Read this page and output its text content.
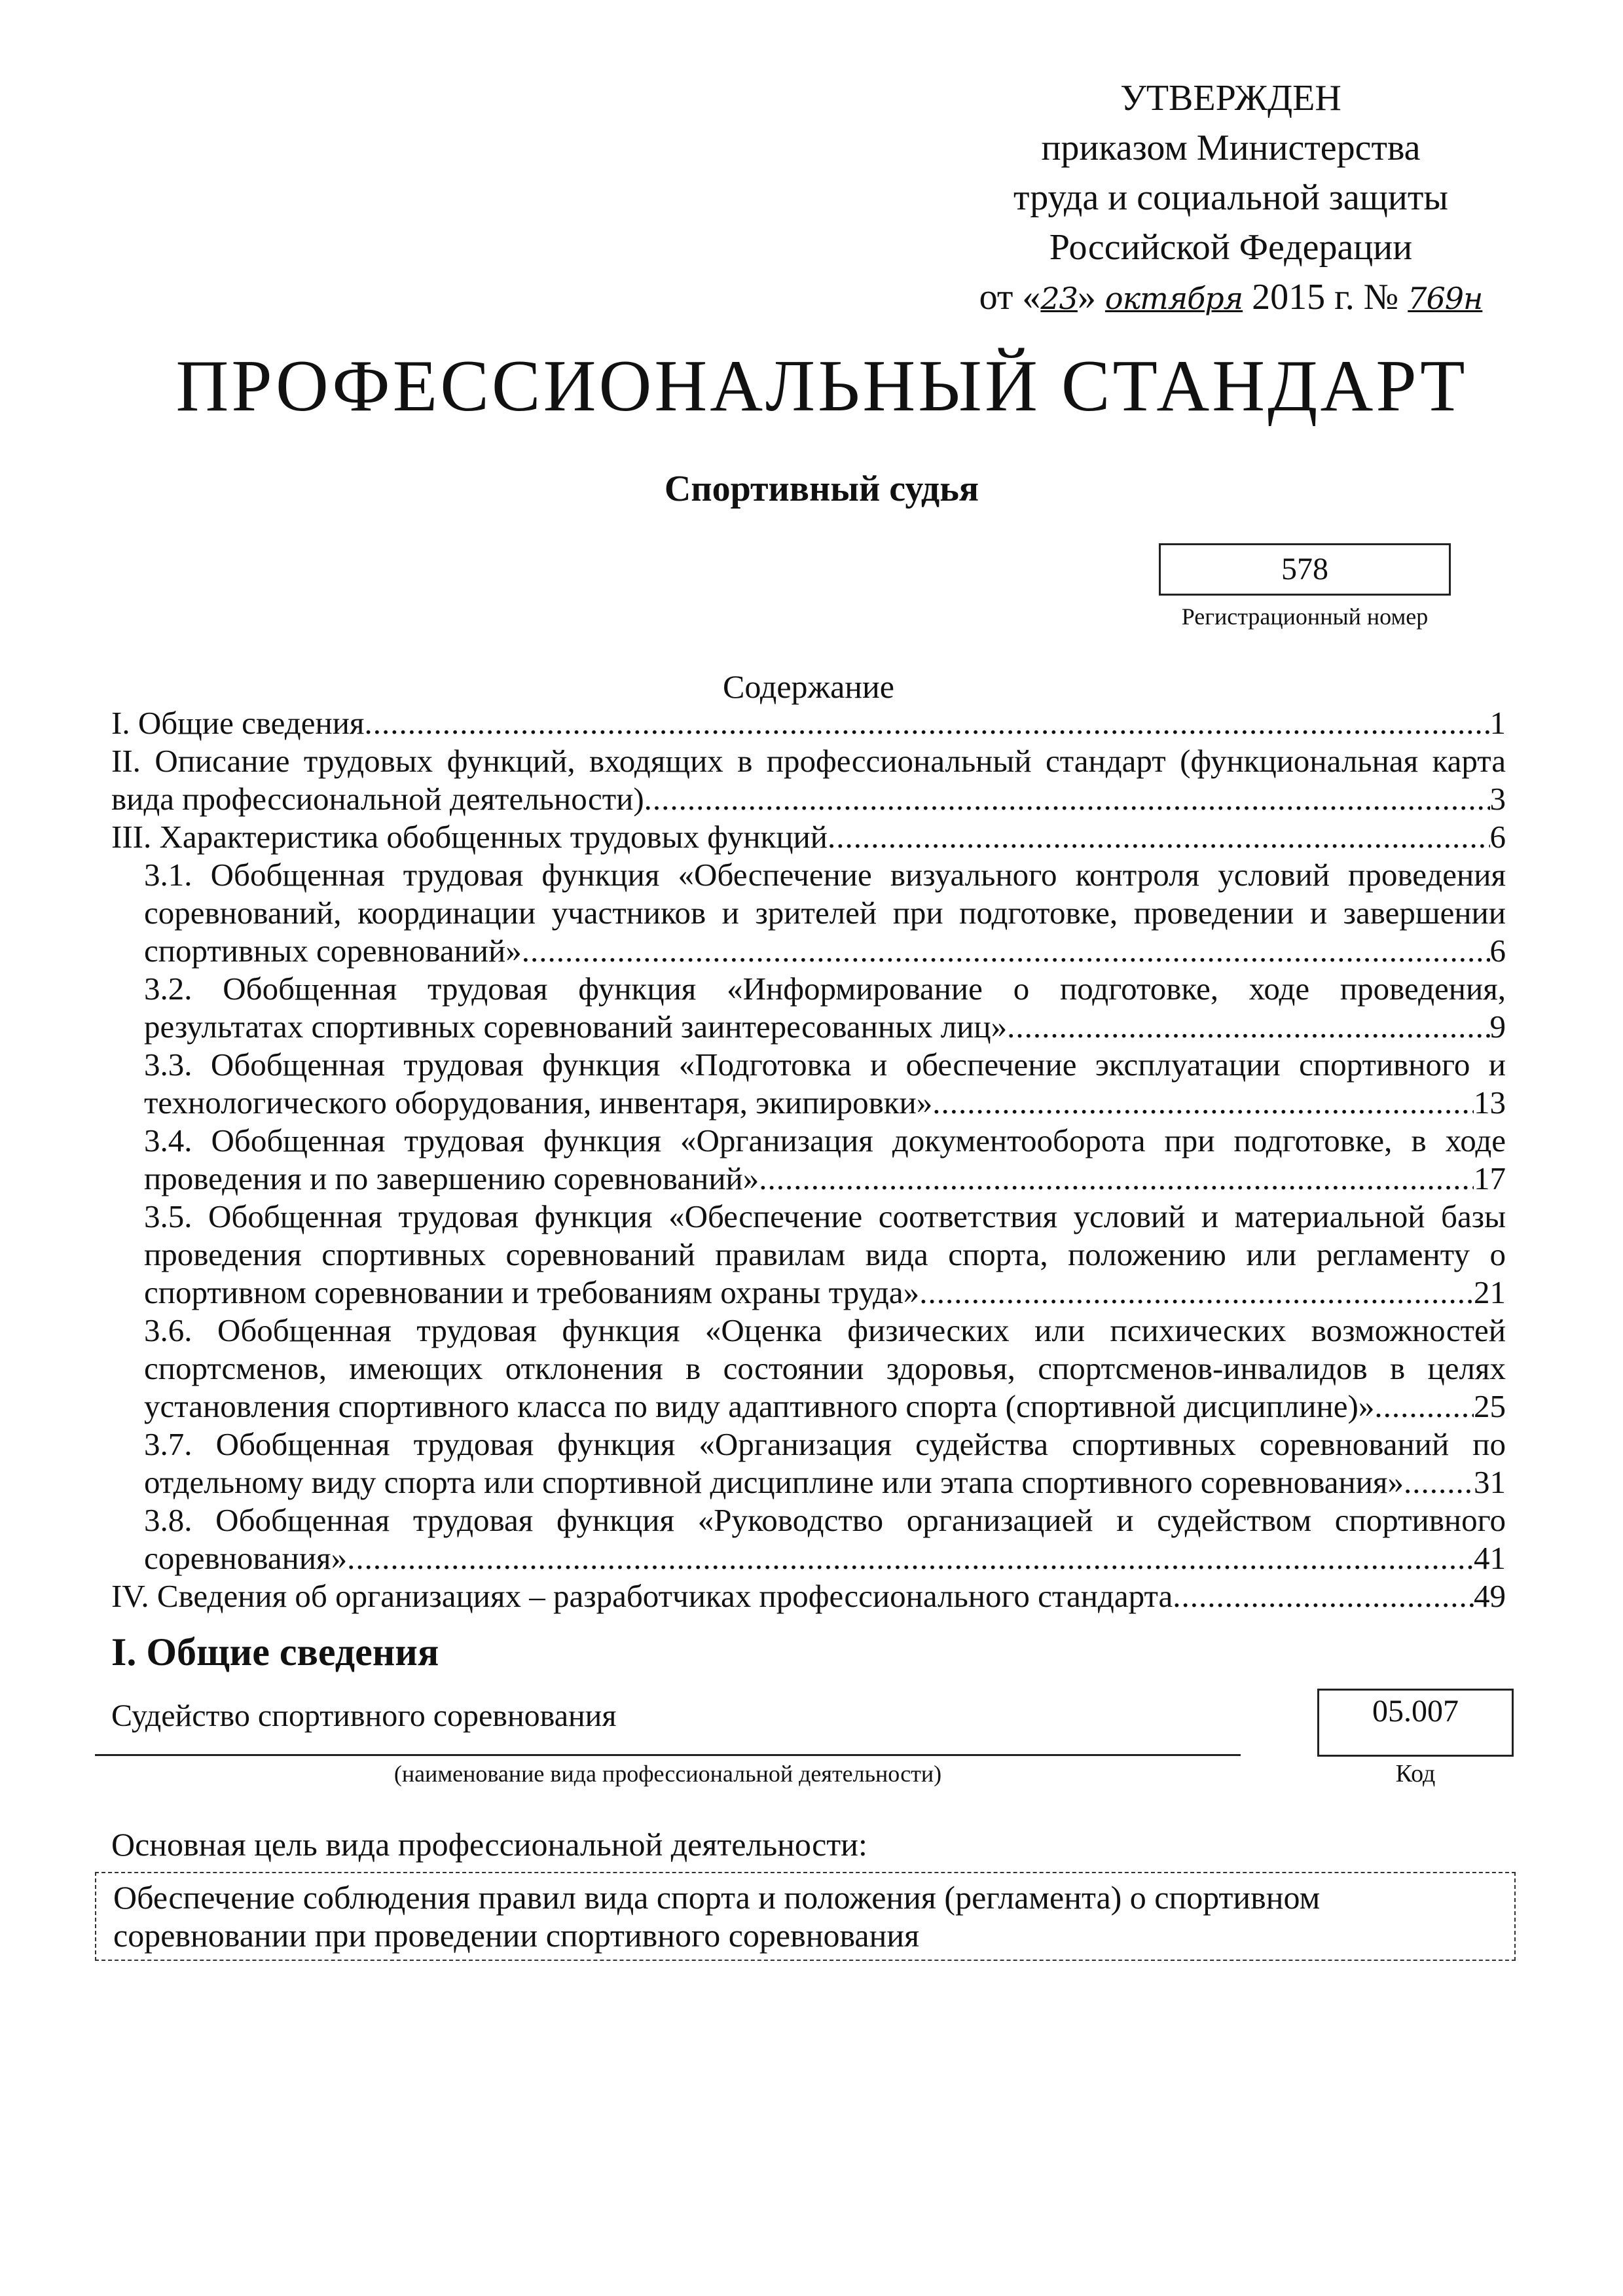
УТВЕРЖДЕН
приказом Министерства
труда и социальной защиты
Российской Федерации
от «23» октября 2015 г. № 769н
ПРОФЕССИОНАЛЬНЫЙ СТАНДАРТ
Спортивный судья
578
Регистрационный номер
Содержание
I. Общие сведения .....	1
II. Описание трудовых функций, входящих в профессиональный стандарт (функциональная карта
вида профессиональной деятельности) .....	3
III. Характеристика обобщенных трудовых функций .....	6
3.1. Обобщенная трудовая функция «Обеспечение визуального контроля условий проведения соревнований, координации участников и зрителей при подготовке, проведении и завершении
спортивных соревнований» .....	6
3.2. Обобщенная трудовая функция «Информирование о подготовке, ходе проведения,
результатах спортивных соревнований заинтересованных лиц» .....	9
3.3. Обобщенная трудовая функция «Подготовка и обеспечение эксплуатации спортивного и
технологического оборудования, инвентаря, экипировки» .....	13
3.4. Обобщенная трудовая функция «Организация документооборота при подготовке, в ходе
проведения и по завершению соревнований» .....	17
3.5. Обобщенная трудовая функция «Обеспечение соответствия условий и материальной базы проведения спортивных соревнований правилам вида спорта, положению или регламенту о
спортивном соревновании и требованиям охраны труда» .....	21
3.6. Обобщенная трудовая функция «Оценка физических или психических возможностей спортсменов, имеющих отклонения в состоянии здоровья, спортсменов-инвалидов в целях
установления спортивного класса по виду адаптивного спорта (спортивной дисциплине)» .....	25
3.7. Обобщенная трудовая функция «Организация судейства спортивных соревнований по
отдельному виду спорта или спортивной дисциплине или этапа спортивного соревнования» ..... 31
3.8. Обобщенная трудовая функция «Руководство организацией и судейством спортивного
соревнования» .....	41
IV. Сведения об организациях – разработчиках профессионального стандарта .....	49
I. Общие сведения
Судейство спортивного соревнования
(наименование вида профессиональной деятельности)
05.007
Код
Основная цель вида профессиональной деятельности:
Обеспечение соблюдения правил вида спорта и положения (регламента) о спортивном
соревновании при проведении спортивного соревнования
